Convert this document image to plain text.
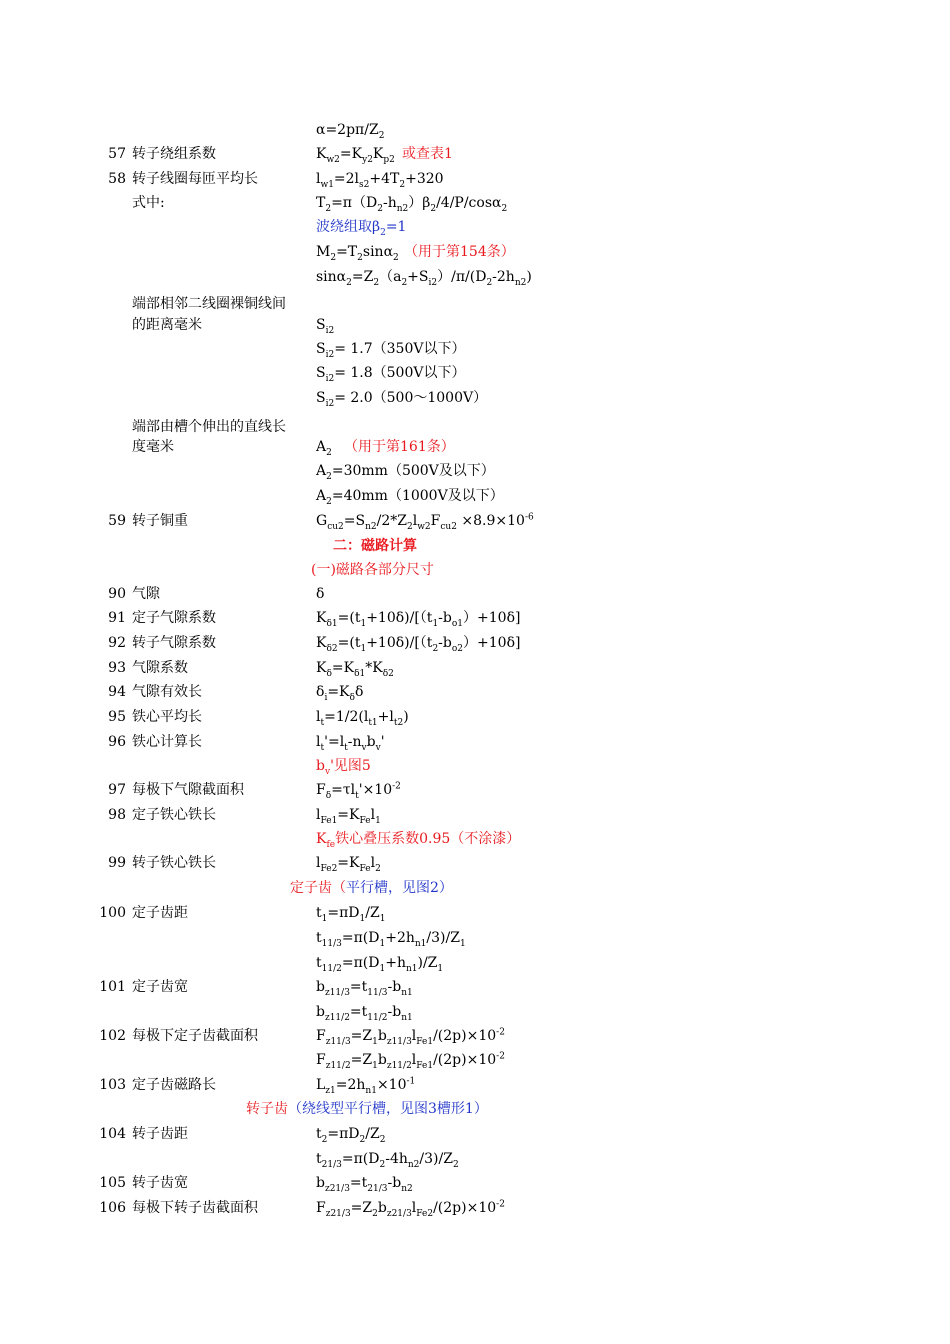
$\alpha=2p\pi/Z_2$
57 转子绕组系数	$K_{w2}=K_{y2}K_{p2}$ 或查表1
58 转子线圈每匝平均长	$l_{w1}=2l_{s2}+4T_2+320$
式中:	$T_2=\pi(D_2-h_{n2})\beta_2/4/P/\cos\alpha_2$
波绕组取$\beta_2=1$
$M_2=T_2\sin\alpha_2$ （用于第154条）
$\sin\alpha_2=Z_2(a_2+S_{i2})/\pi/(D_2-2h_{n2})$
端部相邻二线圈裸铜线间
的距离毫米	$S_{i2}$
$S_{i2}= 1.7(350V$以下）
$S_{i2}= 1.8(500V$以下）
$S_{i2}=$ 2.0（500～1000V）
端部由槽个伸出的直线长
度毫米	$A_2$ （用于第161条）
$A_2=30mm(500V$及以下）
$A_2=40mm(1000V$及以下）
59 转子铜重	$G_{cu2}=S_{n2}/2*Z_2l_{w2}F_{cu2} \times 8.9\times 10^{-6}$
二：磁路计算
(一)磁路各部分尺寸
90 气隙	δ
91 定子气隙系数	$K_{\delta 1}=(t_1+10\delta)/[(t_1-b_{o1})+10\delta]$
92 转子气隙系数	$K_{\delta 2}=(t_1+10\delta)/[(t_2-b_{o2})+10\delta]$
93 气隙系数	$K_\delta=K_{\delta 1}*K_{\delta 2}$
94 气隙有效长	$\delta_i=K_\delta\delta$
95 铁心平均长	$l_t=1/2(l_{t1}+l_{t2})$
96 铁心计算长	$l_t'=l_t-n_vb_v'$
$b_v'$见图5
97 每极下气隙截面积	$F_\delta=\tau l_t'\times 10^{-2}$
98 定子铁心铁长	$l_{Fe1}=K_{Fe}l_1$
$K_{fe}$铁心叠压系数0.95（不涂漆）
99 转子铁心铁长	$l_{Fe2}=K_{Fe}l_2$
定子齿（平行槽，见图2）
100 定子齿距	$t_1=\pi D_1/Z_1$
$t_{11/3}=\pi(D_1+2h_{n1}/3)/Z_1$
$t_{11/2}=\pi(D_1+h_{n1})/Z_1$
101 定子齿宽	$b_{z11/3}=t_{11/3}-b_{n1}$
$b_{z11/2}=t_{11/2}-b_{n1}$
102 每极下定子齿截面积	$F_{z11/3}=Z_1b_{z11/3}l_{Fe1}/(2p)\times 10^{-2}$
$F_{z11/2}=Z_1b_{z11/2}l_{Fe1}/(2p)\times 10^{-2}$
103 定子齿磁路长	$L_{z1}=2h_{n1}\times 10^{-1}$
转子齿（绕线型平行槽，见图3槽形1）
104 转子齿距	$t_2=\pi D_2/Z_2$
$t_{21/3}=\pi(D_2-4h_{n2}/3)/Z_2$
105 转子齿宽	$b_{z21/3}=t_{21/3}-b_{n2}$
106 每极下转子齿截面积	$F_{z21/3}=Z_2b_{z21/3}l_{Fe2}/(2p)\times 10^{-2}$
